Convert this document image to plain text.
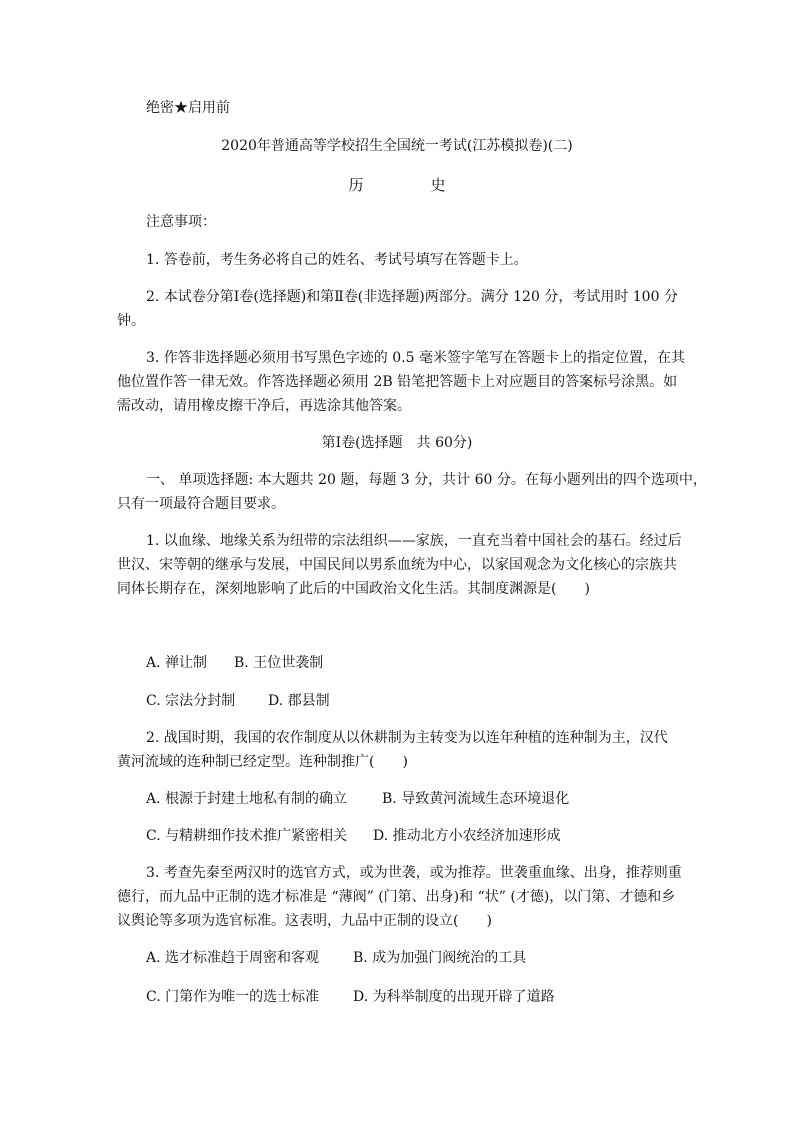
绝密★启用前
2020年普通高等学校招生全国统一考试(江苏模拟卷)(二)
历　史
注意事项：
1. 答卷前，考生务必将自己的姓名、考试号填写在答题卡上。
2. 本试卷分第Ⅰ卷(选择题)和第Ⅱ卷(非选择题)两部分。满分 120 分，考试用时 100 分
钟。
3. 作答非选择题必须用书写黑色字迹的 0.5 毫米签字笔写在答题卡上的指定位置，在其
他位置作答一律无效。作答选择题必须用 2B 铅笔把答题卡上对应题目的答案标号涂黑。如
需改动，请用橡皮擦干净后，再选涂其他答案。
第Ⅰ卷(选择题　共 60分)
一、 单项选择题: 本大题共 20 题，每题 3 分，共计 60 分。在每小题列出的四个选项中，
只有一项最符合题目要求。
1. 以血缘、地缘关系为纽带的宗法组织——家族，一直充当着中国社会的基石。经过后
世汉、宋等朝的继承与发展，中国民间以男系血统为中心，以家国观念为文化核心的宗族共
同体长期存在，深刻地影响了此后的中国政治文化生活。其制度渊源是(　　)
A. 禅让制 B. 王位世袭制
C. 宗法分封制 D. 郡县制
2. 战国时期，我国的农作制度从以休耕制为主转变为以连年种植的连种制为主，汉代
黄河流域的连种制已经定型。连种制推广(　　)
A. 根源于封建土地私有制的确立 B. 导致黄河流域生态环境退化
C. 与精耕细作技术推广紧密相关 D. 推动北方小农经济加速形成
3. 考查先秦至两汉时的选官方式，或为世袭，或为推荐。世袭重血缘、出身，推荐则重
德行，而九品中正制的选才标准是 “薄阀” (门第、出身)和 “状” (才德)，以门第、才德和乡
议舆论等多项为选官标准。这表明，九品中正制的设立(　　)
A. 选才标准趋于周密和客观 B. 成为加强门阀统治的工具
C. 门第作为唯一的选士标准 D. 为科举制度的出现开辟了道路
